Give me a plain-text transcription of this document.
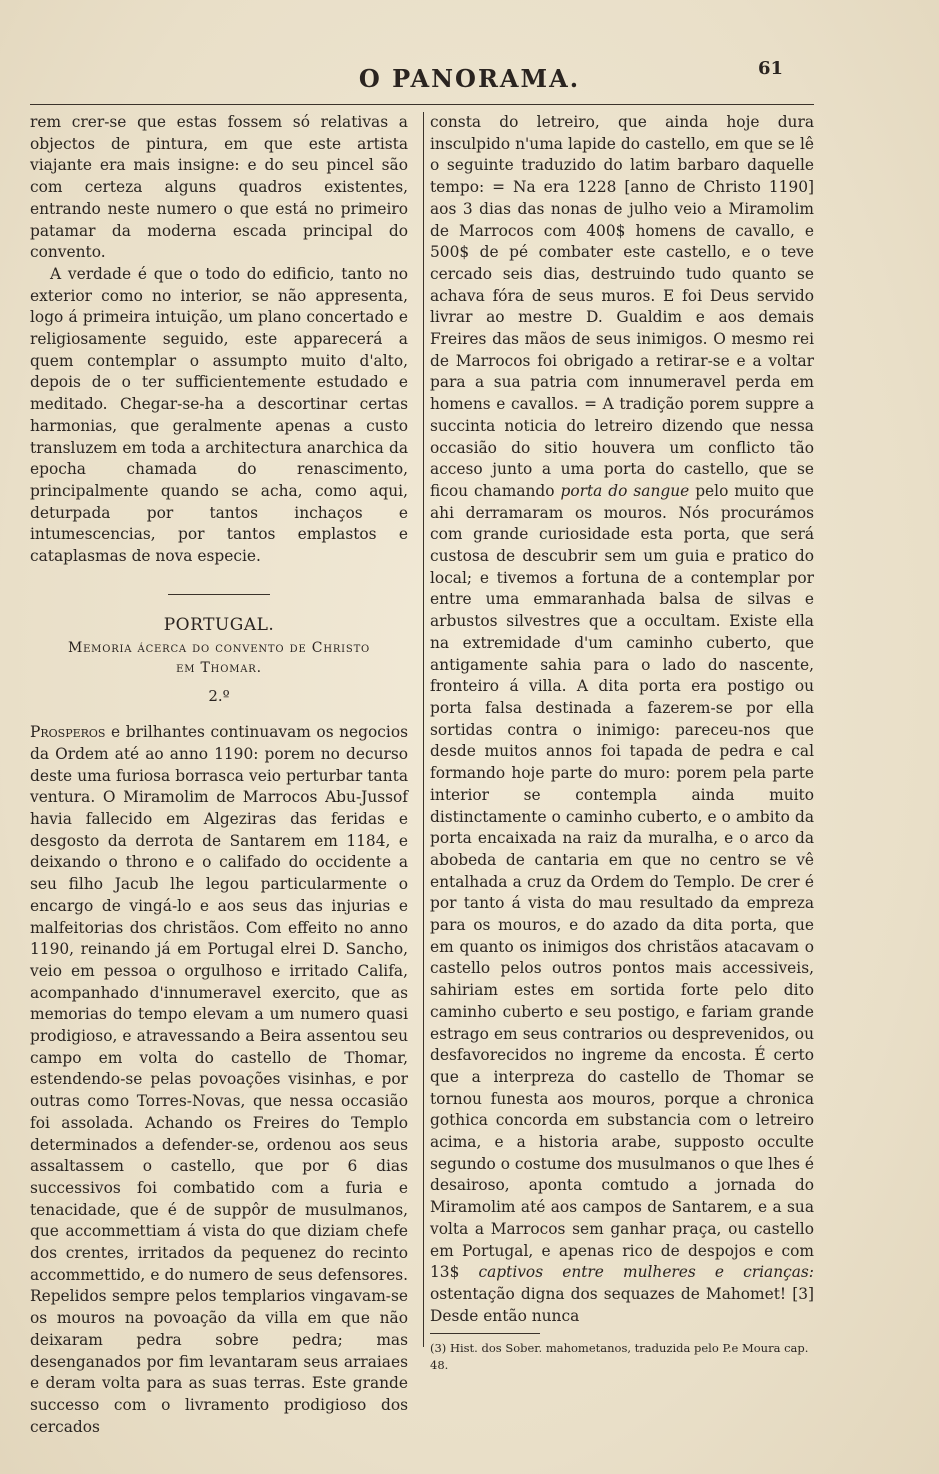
O PANORAMA.	61

rem crer-se que estas fossem só relativas a objectos de pintura, em que este artista viajante era mais insigne: e do seu pincel são com certeza alguns quadros existentes, entrando neste numero o que está no primeiro patamar da moderna escada principal do convento.

A verdade é que o todo do edificio, tanto no exterior como no interior, se não appresenta, logo á primeira intuição, um plano concertado e religiosamente seguido, este apparecerá a quem contemplar o assumpto muito d'alto, depois de o ter sufficientemente estudado e meditado. Chegar-se-ha a descortinar certas harmonias, que geralmente apenas a custo transluzem em toda a architectura anarchica da epocha chamada do renascimento, principalmente quando se acha, como aqui, deturpada por tantos inchaços e intumescencias, por tantos emplastos e cataplasmas de nova especie.

PORTUGAL.
Memoria ácerca do convento de Christo
em Thomar.
2.º

Prosperos e brilhantes continuavam os negocios da Ordem até ao anno 1190: porem no decurso deste uma furiosa borrasca veio perturbar tanta ventura. O Miramolim de Marrocos Abu-Jussof havia fallecido em Algeziras das feridas e desgosto da derrota de Santarem em 1184, e deixando o throno e o califado do occidente a seu filho Jacub lhe legou particularmente o encargo de vingá-lo e aos seus das injurias e malfeitorias dos christãos. Com effeito no anno 1190, reinando já em Portugal elrei D. Sancho, veio em pessoa o orgulhoso e irritado Califa, acompanhado d'innumeravel exercito, que as memorias do tempo elevam a um numero quasi prodigioso, e atravessando a Beira assentou seu campo em volta do castello de Thomar, estendendo-se pelas povoações visinhas, e por outras como Torres-Novas, que nessa occasião foi assolada. Achando os Freires do Templo determinados a defender-se, ordenou aos seus assaltassem o castello, que por 6 dias successivos foi combatido com a furia e tenacidade, que é de suppôr de musulmanos, que accommettiam á vista do que diziam chefe dos crentes, irritados da pequenez do recinto accommettido, e do numero de seus defensores. Repelidos sempre pelos templarios vingavam-se os mouros na povoação da villa em que não deixaram pedra sobre pedra; mas desenganados por fim levantaram seus arraiaes e deram volta para as suas terras. Este grande successo com o livramento prodigioso dos cercados

consta do letreiro, que ainda hoje dura insculpido n'uma lapide do castello, em que se lê o seguinte traduzido do latim barbaro daquelle tempo: = Na era 1228 [anno de Christo 1190] aos 3 dias das nonas de julho veio a Miramolim de Marrocos com 400$ homens de cavallo, e 500$ de pé combater este castello, e o teve cercado seis dias, destruindo tudo quanto se achava fóra de seus muros. E foi Deus servido livrar ao mestre D. Gualdim e aos demais Freires das mãos de seus inimigos. O mesmo rei de Marrocos foi obrigado a retirar-se e a voltar para a sua patria com innumeravel perda em homens e cavallos. = A tradição porem suppre a succinta noticia do letreiro dizendo que nessa occasião do sitio houvera um conflicto tão acceso junto a uma porta do castello, que se ficou chamando porta do sangue pelo muito que ahi derramaram os mouros. Nós procurámos com grande curiosidade esta porta, que será custosa de descubrir sem um guia e pratico do local; e tivemos a fortuna de a contemplar por entre uma emmaranhada balsa de silvas e arbustos silvestres que a occultam. Existe ella na extremidade d'um caminho cuberto, que antigamente sahia para o lado do nascente, fronteiro á villa. A dita porta era postigo ou porta falsa destinada a fazerem-se por ella sortidas contra o inimigo: pareceu-nos que desde muitos annos foi tapada de pedra e cal formando hoje parte do muro: porem pela parte interior se contempla ainda muito distinctamente o caminho cuberto, e o ambito da porta encaixada na raiz da muralha, e o arco da abobeda de cantaria em que no centro se vê entalhada a cruz da Ordem do Templo. De crer é por tanto á vista do mau resultado da empreza para os mouros, e do azado da dita porta, que em quanto os inimigos dos christãos atacavam o castello pelos outros pontos mais accessiveis, sahiriam estes em sortida forte pelo dito caminho cuberto e seu postigo, e fariam grande estrago em seus contrarios ou desprevenidos, ou desfavorecidos no ingreme da encosta. É certo que a interpreza do castello de Thomar se tornou funesta aos mouros, porque a chronica gothica concorda em substancia com o letreiro acima, e a historia arabe, supposto occulte segundo o costume dos musulmanos o que lhes é desairoso, aponta comtudo a jornada do Miramolim até aos campos de Santarem, e a sua volta a Marrocos sem ganhar praça, ou castello em Portugal, e apenas rico de despojos e com 13$ captivos entre mulheres e crianças: ostentação digna dos sequazes de Mahomet! [3] Desde então nunca

(3) Hist. dos Sober. mahometanos, traduzida pelo P.e Moura cap. 48.
